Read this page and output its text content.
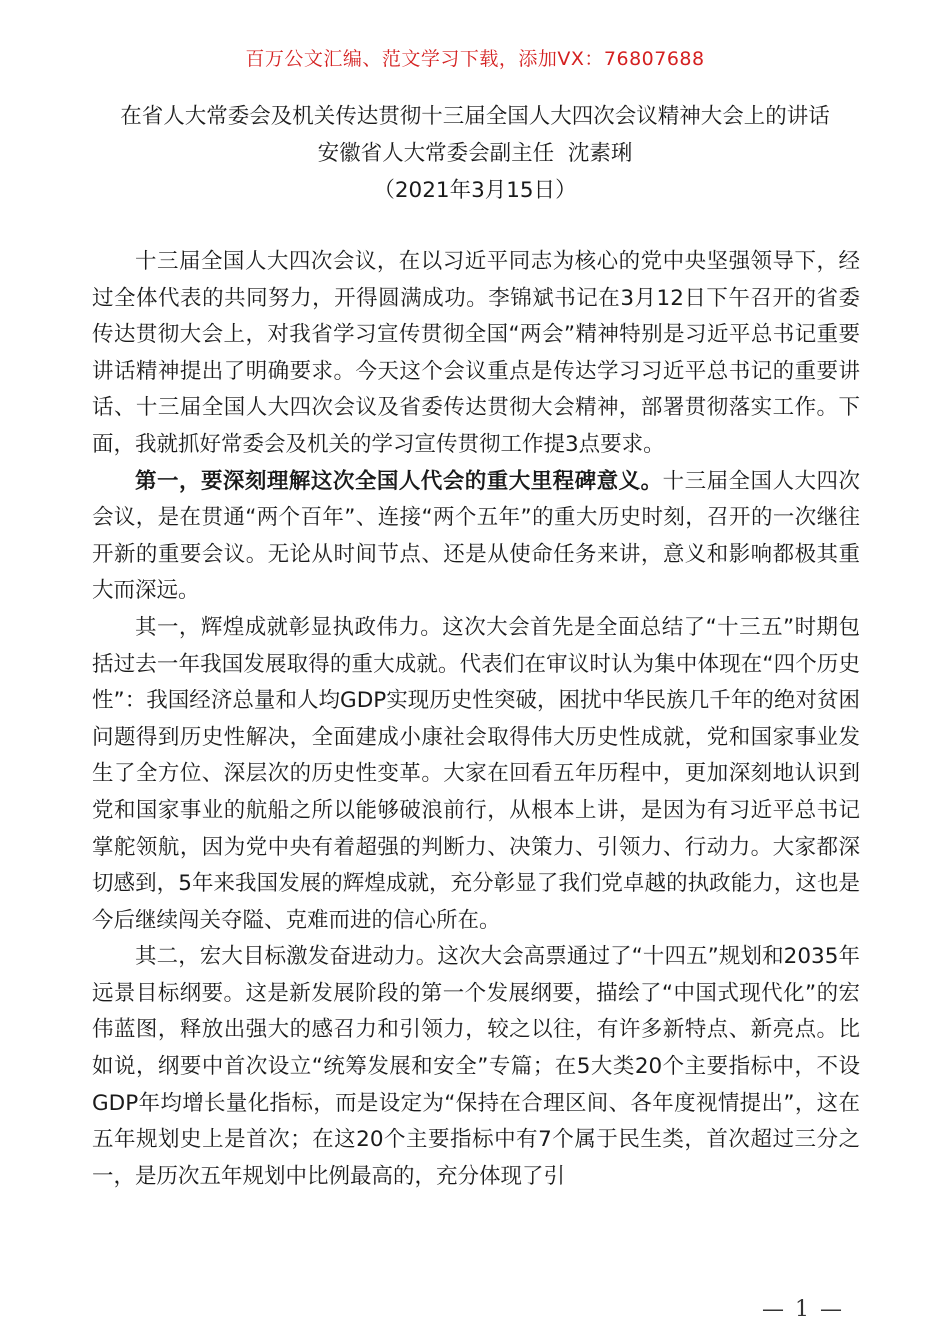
百万公文汇编、范文学习下载，添加VX：76807688
在省人大常委会及机关传达贯彻十三届全国人大四次会议精神大会上的讲话
安徽省人大常委会副主任  沈素琍
（2021年3月15日）

十三届全国人大四次会议，在以习近平同志为核心的党中央坚强领导下，经过全体代表的共同努力，开得圆满成功。李锦斌书记在3月12日下午召开的省委传达贯彻大会上，对我省学习宣传贯彻全国“两会”精神特别是习近平总书记重要讲话精神提出了明确要求。今天这个会议重点是传达学习习近平总书记的重要讲话、十三届全国人大四次会议及省委传达贯彻大会精神，部署贯彻落实工作。下面，我就抓好常委会及机关的学习宣传贯彻工作提3点要求。

第一，要深刻理解这次全国人代会的重大里程碑意义。十三届全国人大四次会议，是在贯通“两个百年”、连接“两个五年”的重大历史时刻，召开的一次继往开新的重要会议。无论从时间节点、还是从使命任务来讲，意义和影响都极其重大而深远。

其一，辉煌成就彰显执政伟力。这次大会首先是全面总结了“十三五”时期包括过去一年我国发展取得的重大成就。代表们在审议时认为集中体现在“四个历史性”：我国经济总量和人均GDP实现历史性突破，困扰中华民族几千年的绝对贫困问题得到历史性解决，全面建成小康社会取得伟大历史性成就，党和国家事业发生了全方位、深层次的历史性变革。大家在回看五年历程中，更加深刻地认识到党和国家事业的航船之所以能够破浪前行，从根本上讲，是因为有习近平总书记掌舵领航，因为党中央有着超强的判断力、决策力、引领力、行动力。大家都深切感到，5年来我国发展的辉煌成就，充分彰显了我们党卓越的执政能力，这也是今后继续闯关夺隘、克难而进的信心所在。

其二，宏大目标激发奋进动力。这次大会高票通过了“十四五”规划和2035年远景目标纲要。这是新发展阶段的第一个发展纲要，描绘了“中国式现代化”的宏伟蓝图，释放出强大的感召力和引领力，较之以往，有许多新特点、新亮点。比如说，纲要中首次设立“统筹发展和安全”专篇；在5大类20个主要指标中，不设GDP年均增长量化指标，而是设定为“保持在合理区间、各年度视情提出”，这在五年规划史上是首次；在这20个主要指标中有7个属于民生类，首次超过三分之一，是历次五年规划中比例最高的，充分体现了引

— 1 —
